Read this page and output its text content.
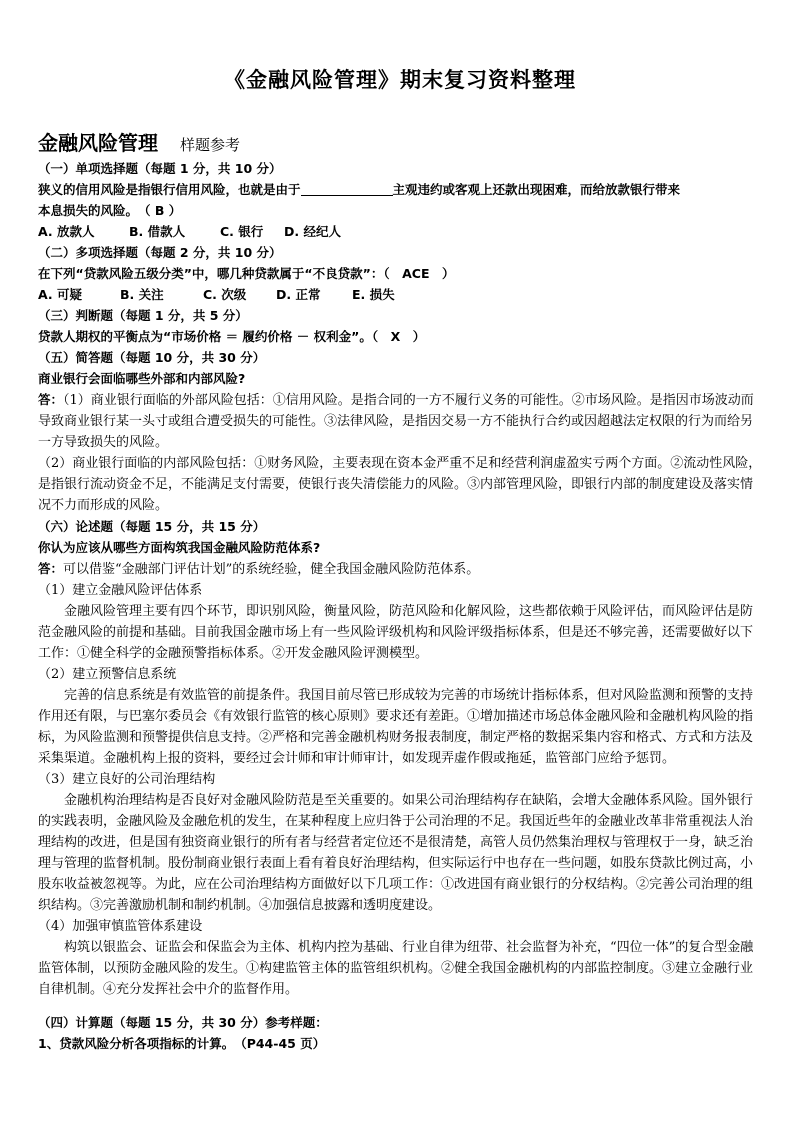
《金融风险管理》期末复习资料整理
金融风险管理 样题参考

（一）单项选择题（每题 1 分，共 10 分）

狭义的信用风险是指银行信用风险，也就是由于	主观违约或客观上还款出现困难，而给放款银行带来
本息损失的风险。　（ B ）

A. 放款人	B. 借款人	C. 银行 D. 经纪人

（二）多项选择题（每题 2 分，共 10 分）

在下列“贷款风险五级分类”中，哪几种贷款属于“不良贷款”：（　ACE　）

A. 可疑	B. 关注	C. 次级 D. 正常	E. 损失

（三）判断题（每题 1 分，共 5 分）

贷款人期权的平衡点为“市场价格 ＝ 履约价格 － 权利金”。（　X　）

（五）简答题（每题 10 分，共 30 分）

商业银行会面临哪些外部和内部风险?

答：（1）商业银行面临的外部风险包括：①信用风险。是指合同的一方不履行义务的可能性。②市场风险。是指因市场波动而导致商业银行某一头寸或组合遭受损失的可能性。③法律风险，是指因交易一方不能执行合约或因超越法定权限的行为而给另一方导致损失的风险。

（2）商业银行面临的内部风险包括：①财务风险，主要表现在资本金严重不足和经营利润虚盈实亏两个方面。②流动性风险，是指银行流动资金不足，不能满足支付需要，使银行丧失清偿能力的风险。③内部管理风险，即银行内部的制度建设及落实情况不力而形成的风险。

（六）论述题（每题 15 分，共 15 分）

你认为应该从哪些方面构筑我国金融风险防范体系?

答：可以借鉴“金融部门评估计划”的系统经验，健全我国金融风险防范体系。

（1）建立金融风险评估体系

金融风险管理主要有四个环节，即识别风险，衡量风险，防范风险和化解风险，这些都依赖于风险评估，而风险评估是防范金融风险的前提和基础。目前我国金融市场上有一些风险评级机构和风险评级指标体系，但是还不够完善，还需要做好以下工作：①健全科学的金融预警指标体系。②开发金融风险评测模型。

（2）建立预警信息系统

完善的信息系统是有效监管的前提条件。我国目前尽管已形成较为完善的市场统计指标体系，但对风险监测和预警的支持作用还有限，与巴塞尔委员会《有效银行监管的核心原则》要求还有差距。①增加描述市场总体金融风险和金融机构风险的指标，为风险监测和预警提供信息支持。②严格和完善金融机构财务报表制度，制定严格的数据采集内容和格式、方式和方法及采集渠道。金融机构上报的资料，要经过会计师和审计师审计，如发现弄虚作假或拖延，监管部门应给予惩罚。

（3）建立良好的公司治理结构

金融机构治理结构是否良好对金融风险防范是至关重要的。如果公司治理结构存在缺陷，会增大金融体系风险。国外银行的实践表明，金融风险及金融危机的发生，在某种程度上应归咎于公司治理的不足。我国近些年的金融业改革非常重视法人治理结构的改进，但是国有独资商业银行的所有者与经营者定位还不是很清楚，高管人员仍然集治理权与管理权于一身，缺乏治理与管理的监督机制。股份制商业银行表面上看有着良好治理结构，但实际运行中也存在一些问题，如股东贷款比例过高，小股东收益被忽视等。为此，应在公司治理结构方面做好以下几项工作：①改进国有商业银行的分权结构。②完善公司治理的组织结构。③完善激励机制和制约机制。④加强信息披露和透明度建设。

（4）加强审慎监管体系建设

构筑以银监会、证监会和保监会为主体、机构内控为基础、行业自律为纽带、社会监督为补充，“四位一体”的复合型金融监管体制，以预防金融风险的发生。①构建监管主体的监管组织机构。②健全我国金融机构的内部监控制度。③建立金融行业自律机制。④充分发挥社会中介的监督作用。

（四）计算题（每题 15 分，共 30 分）参考样题：

1、贷款风险分析各项指标的计算。　（P44-45 页）
